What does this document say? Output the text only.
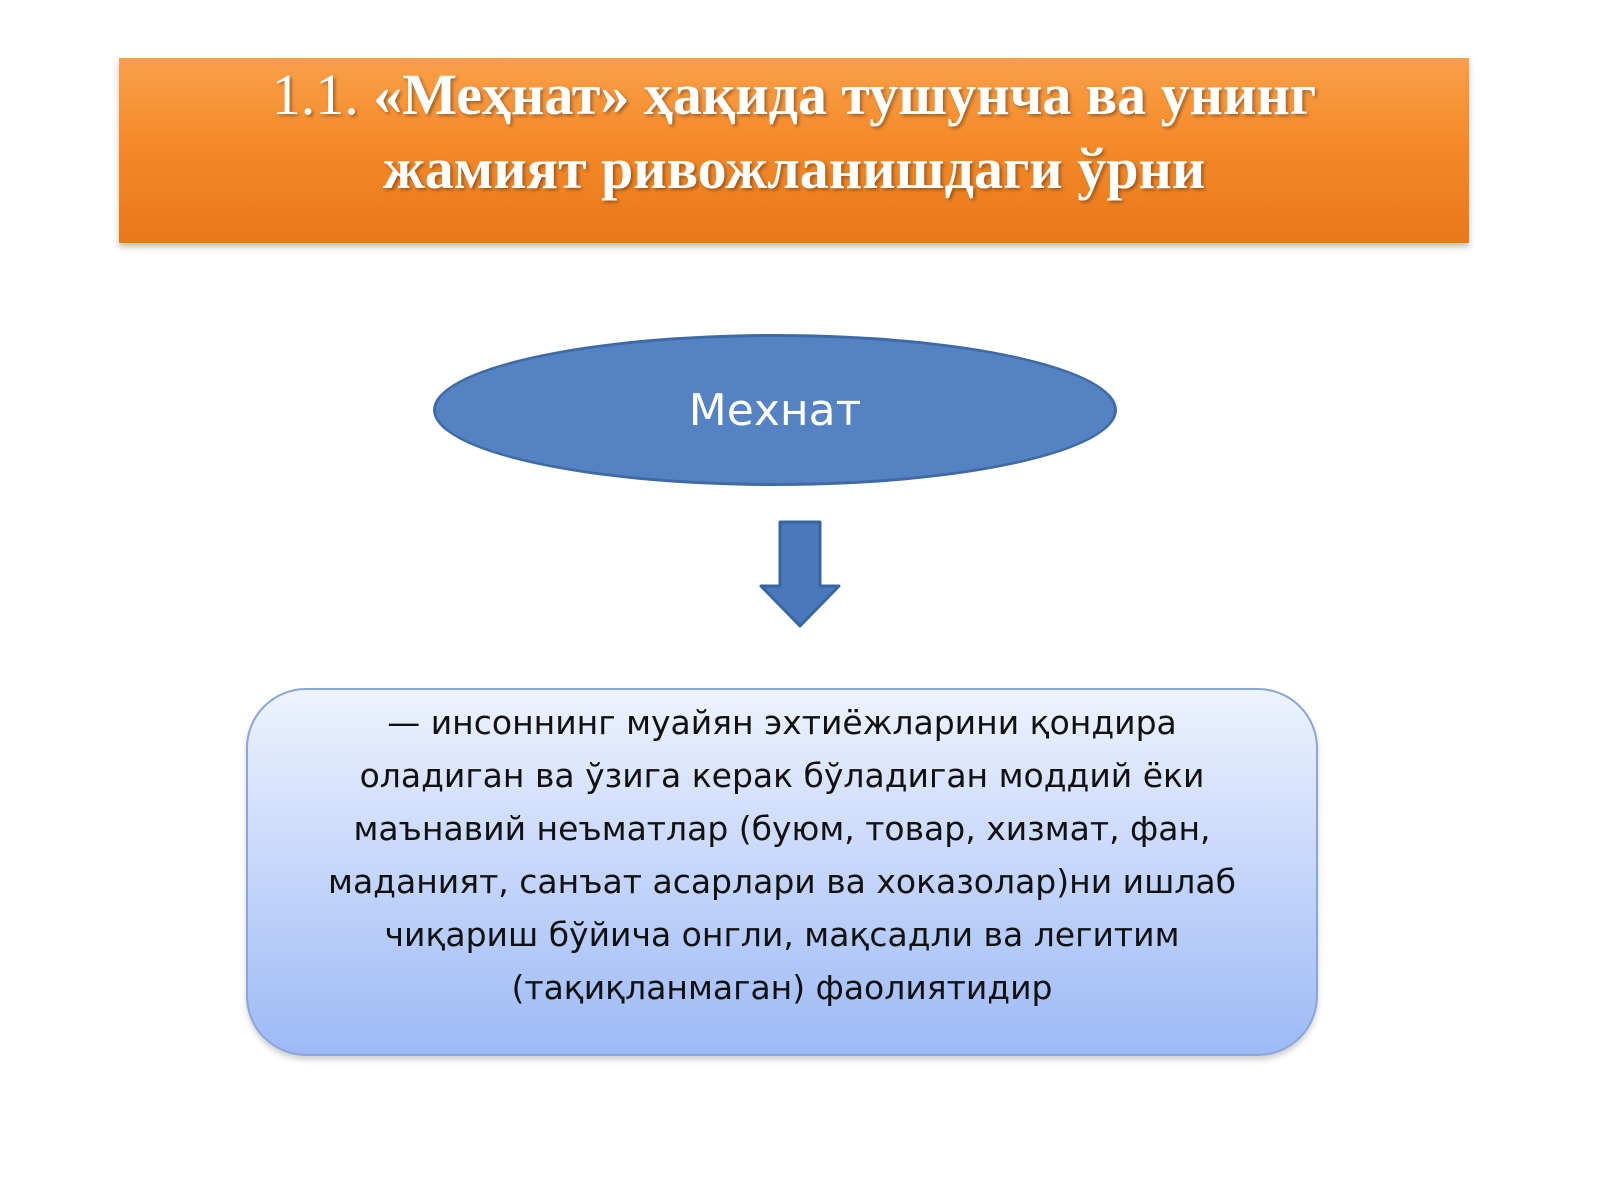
1.1. «Меҳнат» ҳақида тушунча ва унинг
жамият ривожланишдаги ўрни
Мехнат
— инсоннинг муайян эхтиёжларини қондира
оладиган ва ўзига керак бўладиган моддий ёки
маънавий неъматлар (буюм, товар, хизмат, фан,
маданият, санъат асарлари ва хоказолар)ни ишлаб
чиқариш бўйича онгли, мақсадли ва легитим
(тақиқланмаган) фаолиятидир
